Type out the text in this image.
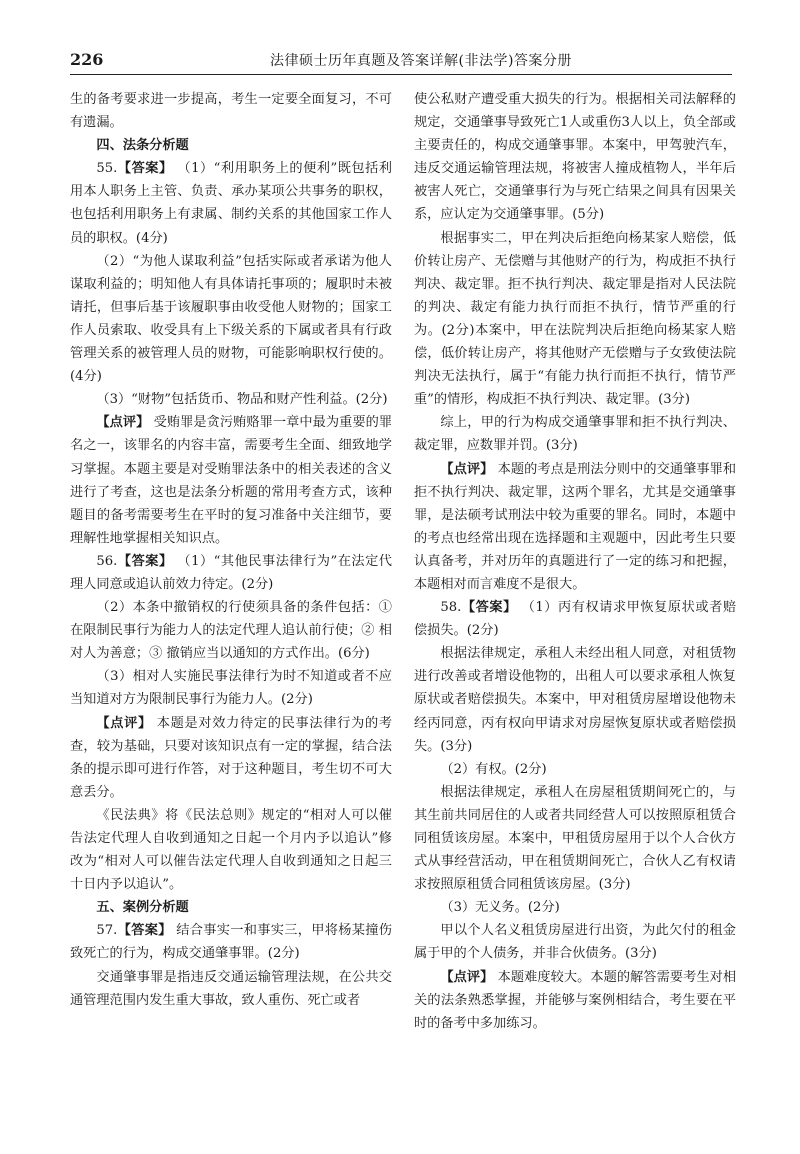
226	法律硕士历年真题及答案详解(非法学)答案分册

生的备考要求进一步提高，考生一定要全面复习，不可有遗漏。

四、法条分析题

55.【答案】 （1）“利用职务上的便利”既包括利用本人职务上主管、负责、承办某项公共事务的职权，也包括利用职务上有隶属、制约关系的其他国家工作人员的职权。(4分)

（2）“为他人谋取利益”包括实际或者承诺为他人谋取利益的；明知他人有具体请托事项的；履职时未被请托，但事后基于该履职事由收受他人财物的；国家工作人员索取、收受具有上下级关系的下属或者具有行政管理关系的被管理人员的财物，可能影响职权行使的。(4分)

（3）“财物”包括货币、物品和财产性利益。(2分)

【点评】 受贿罪是贪污贿赂罪一章中最为重要的罪名之一，该罪名的内容丰富，需要考生全面、细致地学习掌握。本题主要是对受贿罪法条中的相关表述的含义进行了考查，这也是法条分析题的常用考查方式，该种题目的备考需要考生在平时的复习准备中关注细节，要理解性地掌握相关知识点。

56.【答案】 （1）“其他民事法律行为”在法定代理人同意或追认前效力待定。(2分)

（2）本条中撤销权的行使须具备的条件包括：① 在限制民事行为能力人的法定代理人追认前行使；② 相对人为善意；③ 撤销应当以通知的方式作出。(6分)

（3）相对人实施民事法律行为时不知道或者不应当知道对方为限制民事行为能力人。(2分)

【点评】 本题是对效力待定的民事法律行为的考查，较为基础，只要对该知识点有一定的掌握，结合法条的提示即可进行作答，对于这种题目，考生切不可大意丢分。

《民法典》将《民法总则》规定的“相对人可以催告法定代理人自收到通知之日起一个月内予以追认”修改为“相对人可以催告法定代理人自收到通知之日起三十日内予以追认”。

五、案例分析题

57.【答案】 结合事实一和事实三，甲将杨某撞伤致死亡的行为，构成交通肇事罪。(2分)

交通肇事罪是指违反交通运输管理法规，在公共交通管理范围内发生重大事故，致人重伤、死亡或者

使公私财产遭受重大损失的行为。根据相关司法解释的规定，交通肇事导致死亡1人或重伤3人以上，负全部或主要责任的，构成交通肇事罪。本案中，甲驾驶汽车，违反交通运输管理法规，将被害人撞成植物人，半年后被害人死亡，交通肇事行为与死亡结果之间具有因果关系，应认定为交通肇事罪。(5分)

根据事实二，甲在判决后拒绝向杨某家人赔偿，低价转让房产、无偿赠与其他财产的行为，构成拒不执行判决、裁定罪。拒不执行判决、裁定罪是指对人民法院的判决、裁定有能力执行而拒不执行，情节严重的行为。(2分)本案中，甲在法院判决后拒绝向杨某家人赔偿，低价转让房产，将其他财产无偿赠与子女致使法院判决无法执行，属于“有能力执行而拒不执行，情节严重”的情形，构成拒不执行判决、裁定罪。(3分)

综上，甲的行为构成交通肇事罪和拒不执行判决、裁定罪，应数罪并罚。(3分)

【点评】 本题的考点是刑法分则中的交通肇事罪和拒不执行判决、裁定罪，这两个罪名，尤其是交通肇事罪，是法硕考试刑法中较为重要的罪名。同时，本题中的考点也经常出现在选择题和主观题中，因此考生只要认真备考，并对历年的真题进行了一定的练习和把握，本题相对而言难度不是很大。

58.【答案】 （1）丙有权请求甲恢复原状或者赔偿损失。(2分)

根据法律规定，承租人未经出租人同意，对租赁物进行改善或者增设他物的，出租人可以要求承租人恢复原状或者赔偿损失。本案中，甲对租赁房屋增设他物未经丙同意，丙有权向甲请求对房屋恢复原状或者赔偿损失。(3分)

（2）有权。(2分)

根据法律规定，承租人在房屋租赁期间死亡的，与其生前共同居住的人或者共同经营人可以按照原租赁合同租赁该房屋。本案中，甲租赁房屋用于以个人合伙方式从事经营活动，甲在租赁期间死亡，合伙人乙有权请求按照原租赁合同租赁该房屋。(3分)

（3）无义务。(2分)

甲以个人名义租赁房屋进行出资，为此欠付的租金属于甲的个人债务，并非合伙债务。(3分)

【点评】 本题难度较大。本题的解答需要考生对相关的法条熟悉掌握，并能够与案例相结合，考生要在平时的备考中多加练习。
